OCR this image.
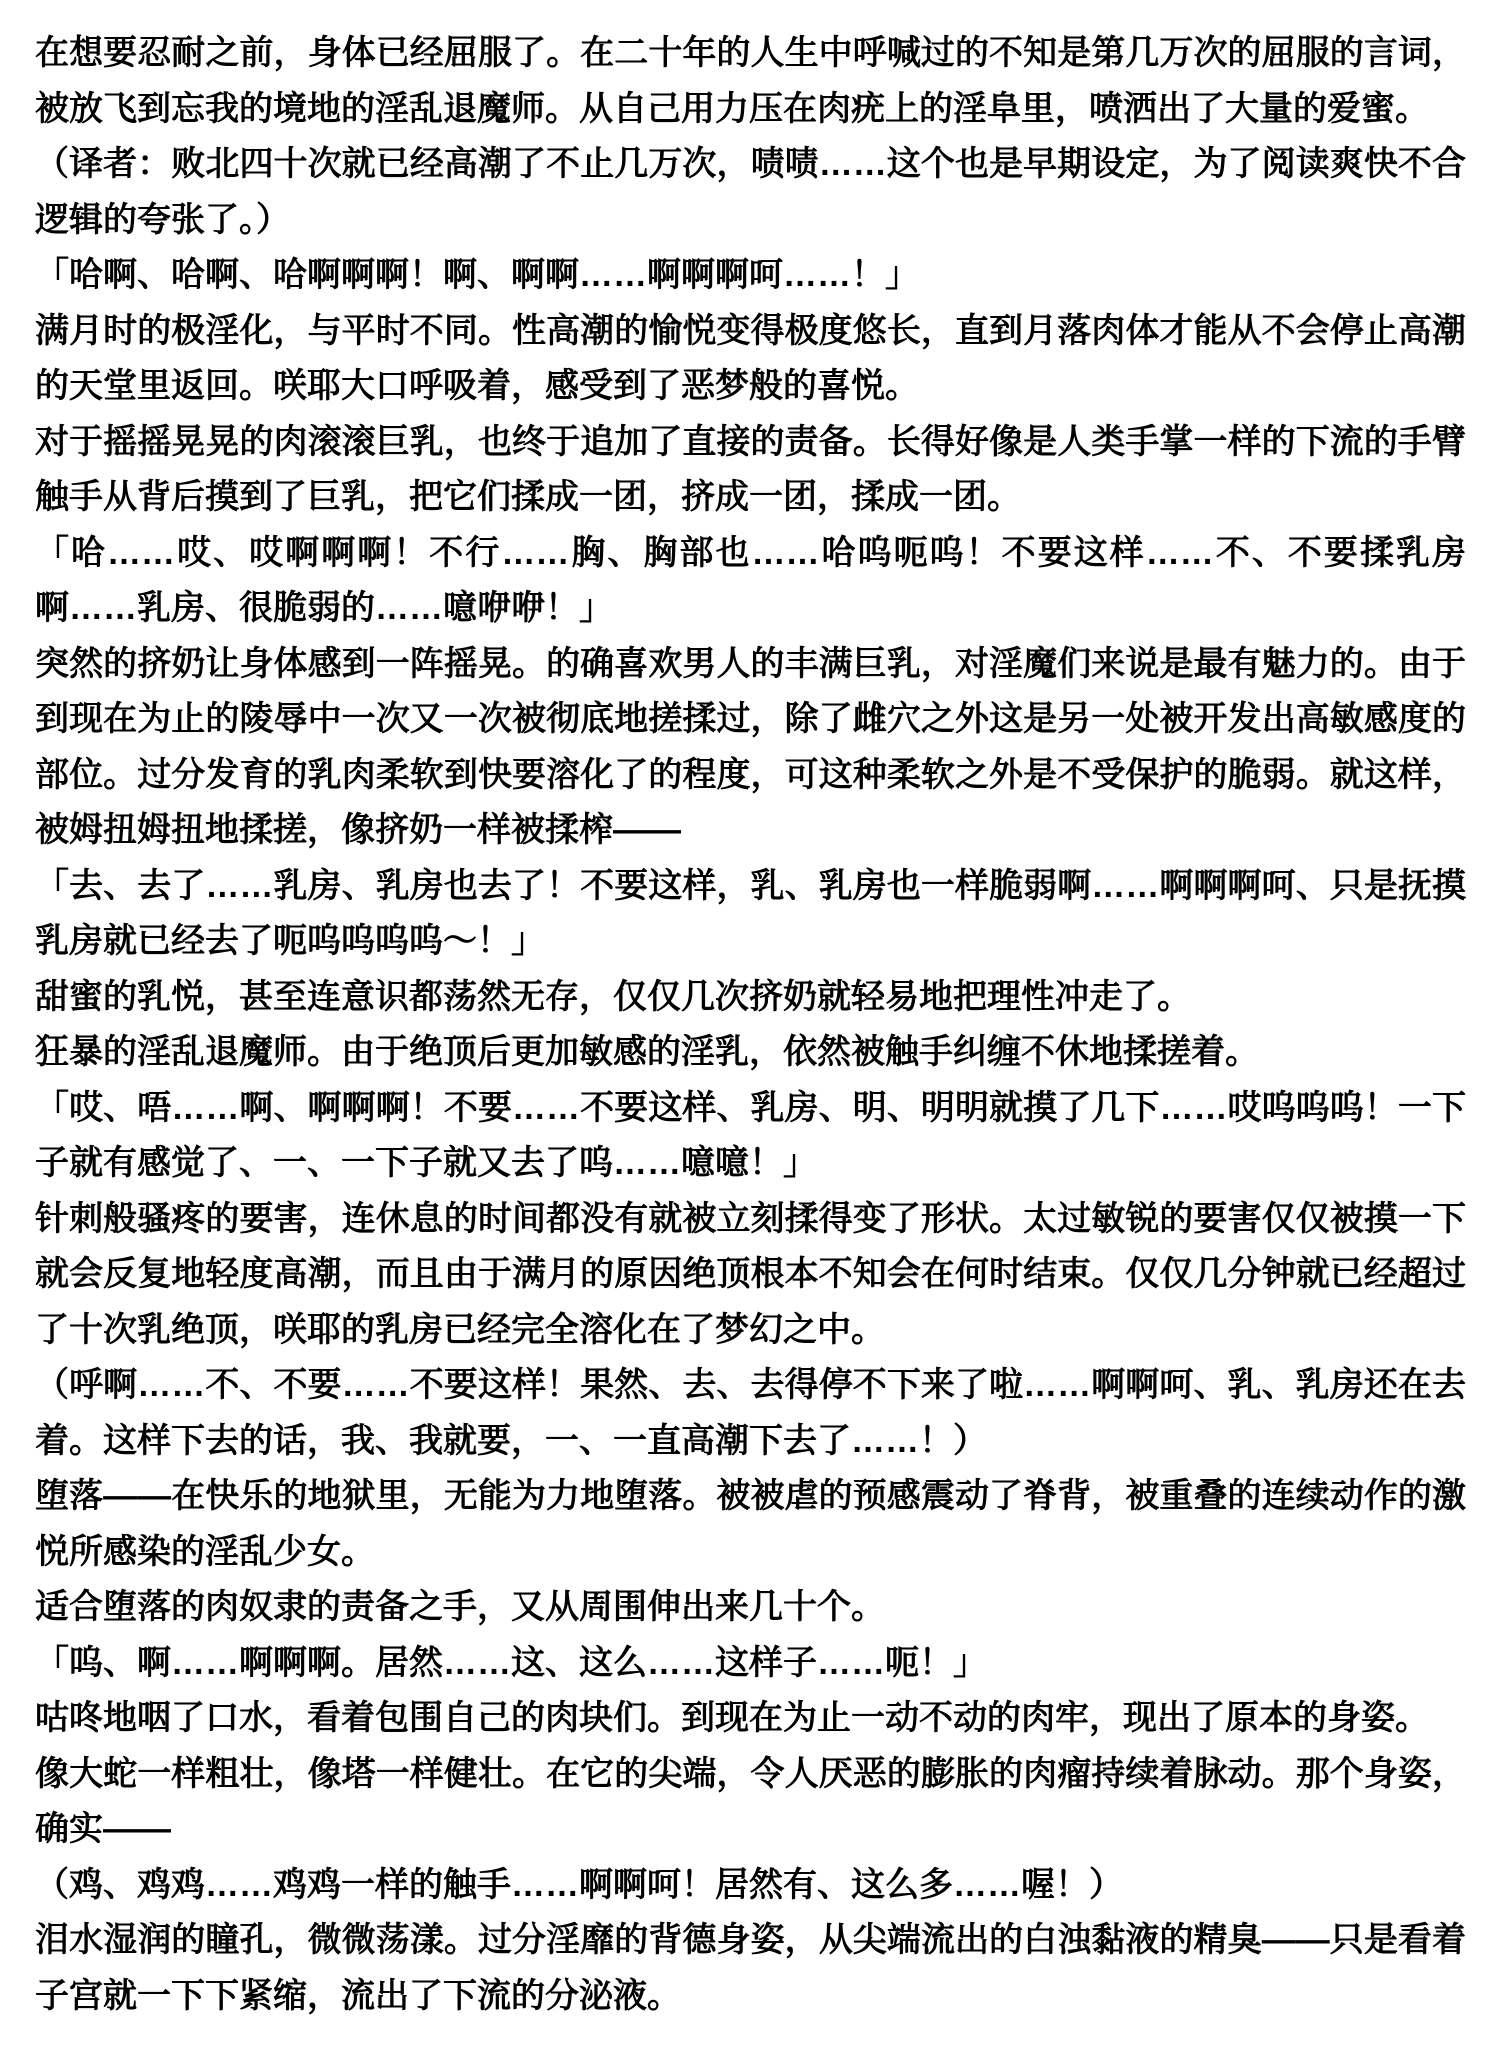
在想要忍耐之前，身体已经屈服了。在二十年的人生中呼喊过的不知是第几万次的屈服的言词，被放飞到忘我的境地的淫乱退魔师。从自己用力压在肉疣上的淫阜里，喷洒出了大量的爱蜜。

（译者：败北四十次就已经高潮了不止几万次，啧啧……这个也是早期设定，为了阅读爽快不合逻辑的夸张了。）

「哈啊、哈啊、哈啊啊啊！啊、啊啊……啊啊啊呵……！」

满月时的极淫化，与平时不同。性高潮的愉悦变得极度悠长，直到月落肉体才能从不会停止高潮的天堂里返回。咲耶大口呼吸着，感受到了恶梦般的喜悦。

对于摇摇晃晃的肉滚滚巨乳，也终于追加了直接的责备。长得好像是人类手掌一样的下流的手臂触手从背后摸到了巨乳，把它们揉成一团，挤成一团，揉成一团。

「哈……哎、哎啊啊啊！不行……胸、胸部也……哈呜呃呜！不要这样……不、不要揉乳房啊……乳房、很脆弱的……噫咿咿！」

突然的挤奶让身体感到一阵摇晃。的确喜欢男人的丰满巨乳，对淫魔们来说是最有魅力的。由于到现在为止的陵辱中一次又一次被彻底地搓揉过，除了雌穴之外这是另一处被开发出高敏感度的部位。过分发育的乳肉柔软到快要溶化了的程度，可这种柔软之外是不受保护的脆弱。就这样，被姆扭姆扭地揉搓，像挤奶一样被揉榨——

「去、去了……乳房、乳房也去了！不要这样，乳、乳房也一样脆弱啊……啊啊啊呵、只是抚摸乳房就已经去了呃呜呜呜呜～！」

甜蜜的乳悦，甚至连意识都荡然无存，仅仅几次挤奶就轻易地把理性冲走了。

狂暴的淫乱退魔师。由于绝顶后更加敏感的淫乳，依然被触手纠缠不休地揉搓着。

「哎、唔……啊、啊啊啊！不要……不要这样、乳房、明、明明就摸了几下……哎呜呜呜！一下子就有感觉了、一、一下子就又去了呜……噫噫！」

针刺般骚疼的要害，连休息的时间都没有就被立刻揉得变了形状。太过敏锐的要害仅仅被摸一下就会反复地轻度高潮，而且由于满月的原因绝顶根本不知会在何时结束。仅仅几分钟就已经超过了十次乳绝顶，咲耶的乳房已经完全溶化在了梦幻之中。

（呼啊……不、不要……不要这样！果然、去、去得停不下来了啦……啊啊呵、乳、乳房还在去着。这样下去的话，我、我就要，一、一直高潮下去了……！）

堕落——在快乐的地狱里，无能为力地堕落。被被虐的预感震动了脊背，被重叠的连续动作的激悦所感染的淫乱少女。

适合堕落的肉奴隶的责备之手，又从周围伸出来几十个。

「呜、啊……啊啊啊。居然……这、这么……这样子……呃！」

咕咚地咽了口水，看着包围自己的肉块们。到现在为止一动不动的肉牢，现出了原本的身姿。

像大蛇一样粗壮，像塔一样健壮。在它的尖端，令人厌恶的膨胀的肉瘤持续着脉动。那个身姿，确实——

（鸡、鸡鸡……鸡鸡一样的触手……啊啊呵！居然有、这么多……喔！）

泪水湿润的瞳孔，微微荡漾。过分淫靡的背德身姿，从尖端流出的白浊黏液的精臭——只是看着子宫就一下下紧缩，流出了下流的分泌液。
